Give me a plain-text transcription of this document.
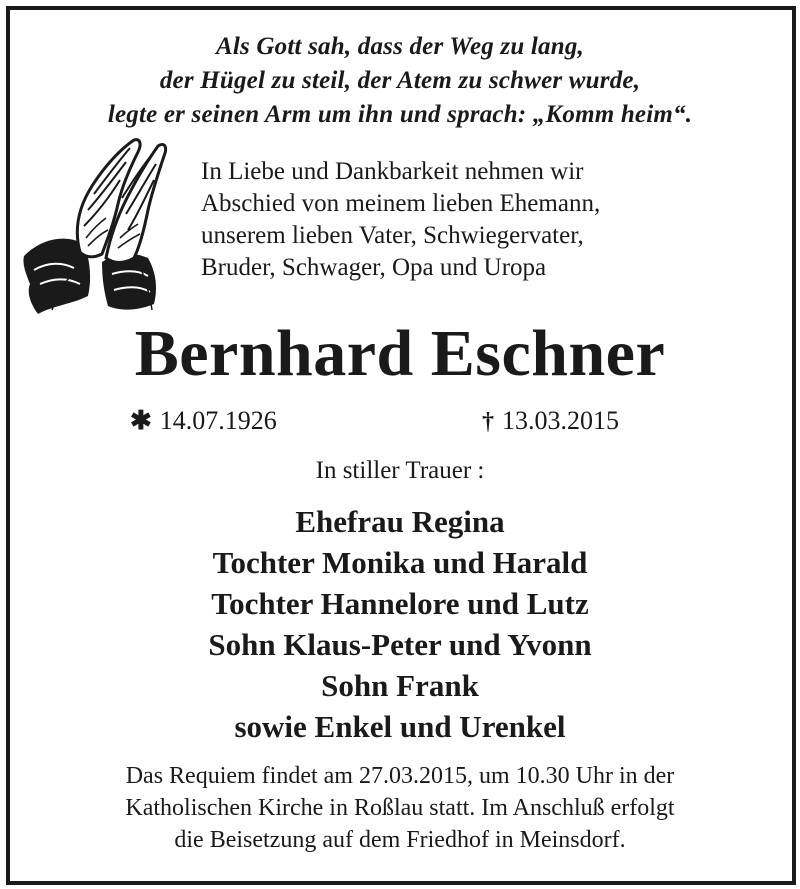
Als Gott sah, dass der Weg zu lang,
der Hügel zu steil, der Atem zu schwer wurde,
legte er seinen Arm um ihn und sprach: „Komm heim“.
In Liebe und Dankbarkeit nehmen wir
Abschied von meinem lieben Ehemann,
unserem lieben Vater, Schwiegervater,
Bruder, Schwager, Opa und Uropa
Bernhard Eschner
✱ 14.07.1926	† 13.03.2015
In stiller Trauer :
Ehefrau Regina
Tochter Monika und Harald
Tochter Hannelore und Lutz
Sohn Klaus-Peter und Yvonn
Sohn Frank
sowie Enkel und Urenkel
Das Requiem findet am 27.03.2015, um 10.30 Uhr in der
Katholischen Kirche in Roßlau statt. Im Anschluß erfolgt
die Beisetzung auf dem Friedhof in Meinsdorf.
